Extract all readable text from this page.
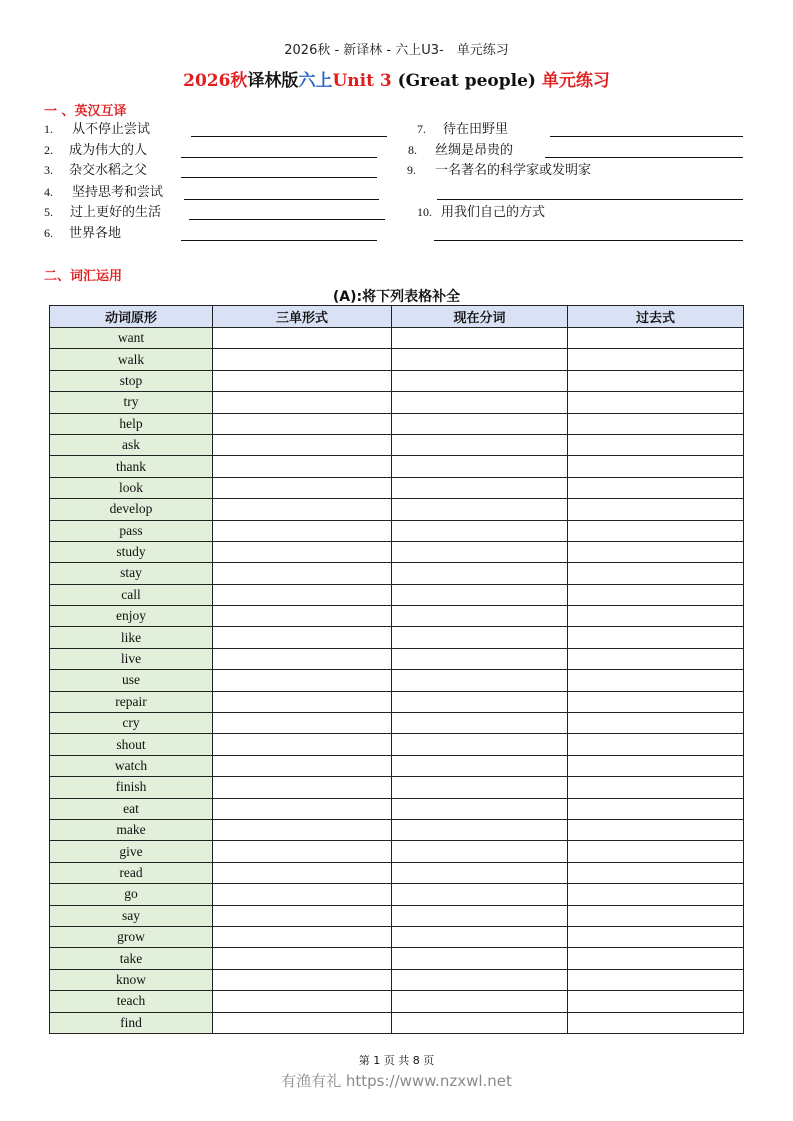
2026秋 - 新译林 - 六上U3-　单元练习
2026秋译林版六上Unit 3 (Great people) 单元练习
一 、英汉互译
1. 从不停止尝试
2. 成为伟大的人
3. 杂交水稻之父
4. 坚持思考和尝试
5. 过上更好的生活
6. 世界各地
7. 待在田野里
8. 丝绸是昂贵的
9. 一名著名的科学家或发明家
10. 用我们自己的方式
二、词汇运用
(A):将下列表格补全
动词原形	三单形式	现在分词	过去式
want			
walk			
stop			
try			
help			
ask			
thank			
look			
develop			
pass			
study			
stay			
call			
enjoy			
like			
live			
use			
repair			
cry			
shout			
watch			
finish			
eat			
make			
give			
read			
go			
say			
grow			
take			
know			
teach			
find			
第 1 页 共 8 页
有渔有礼 https://www.nzxwl.net
